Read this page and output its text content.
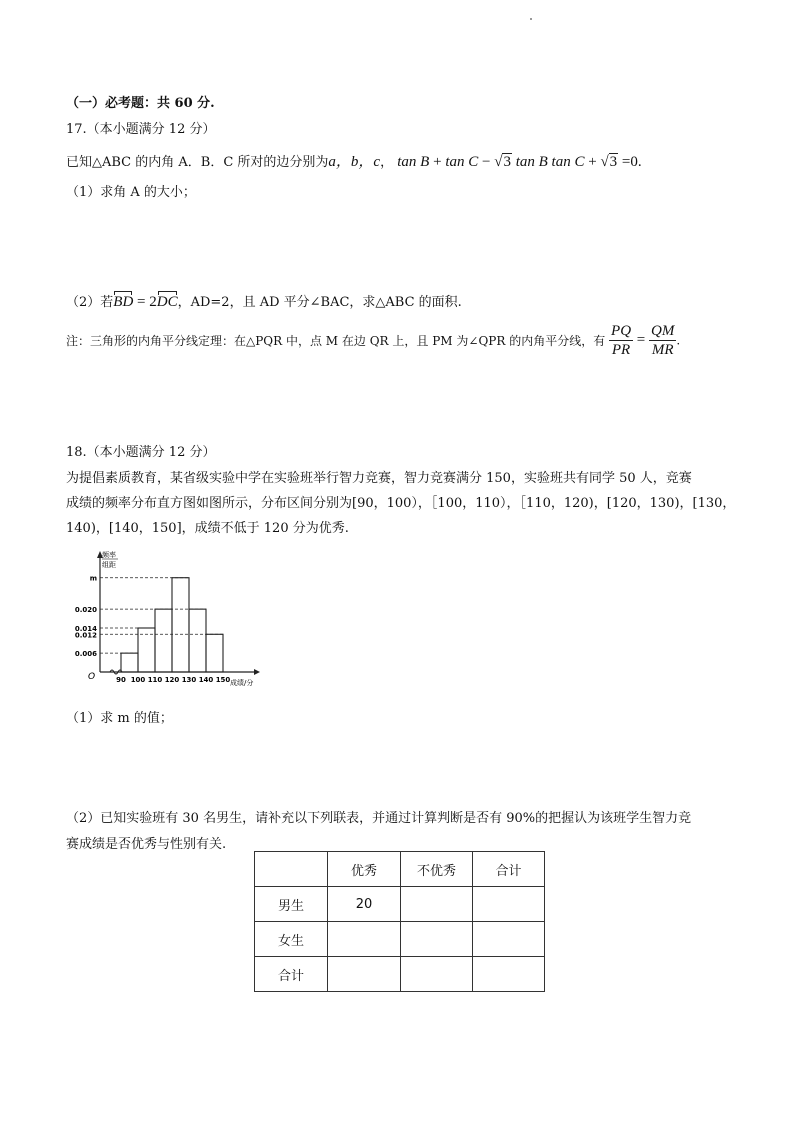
（一）必考题：共 60 分.
17.（本小题满分 12 分）
已知△ABC 的内角 A．B．C 所对的边分别为a，b，c， tan B + tan C − √3 tan B tan C + √3 =0.
（1）求角 A 的大小；
（2）若BD = 2DC，AD=2，且 AD 平分∠BAC，求△ABC 的面积.
注：三角形的内角平分线定理：在△PQR 中，点 M 在边 QR 上，且 PM 为∠QPR 的内角平分线，有 $\frac{PQ}{PR} = \frac{QM}{MR}$ .
18.（本小题满分 12 分）
为提倡素质教育，某省级实验中学在实验班举行智力竞赛，智力竞赛满分 150，实验班共有同学 50 人，竞赛
成绩的频率分布直方图如图所示，分布区间分别为[90，100），［100，110），［110，120)，[120，130)，[130，
140)，[140，150]，成绩不低于 120 分为优秀.
频率
组距
O
m
0.020
0.014
0.012
0.006
90 100 110 120 130 140 150 成绩/分
（1）求 m 的值；
（2）已知实验班有 30 名男生，请补充以下列联表，并通过计算判断是否有 90%的把握认为该班学生智力竞
赛成绩是否优秀与性别有关.
	优秀	不优秀	合计
男生	20		
女生			
合计			
